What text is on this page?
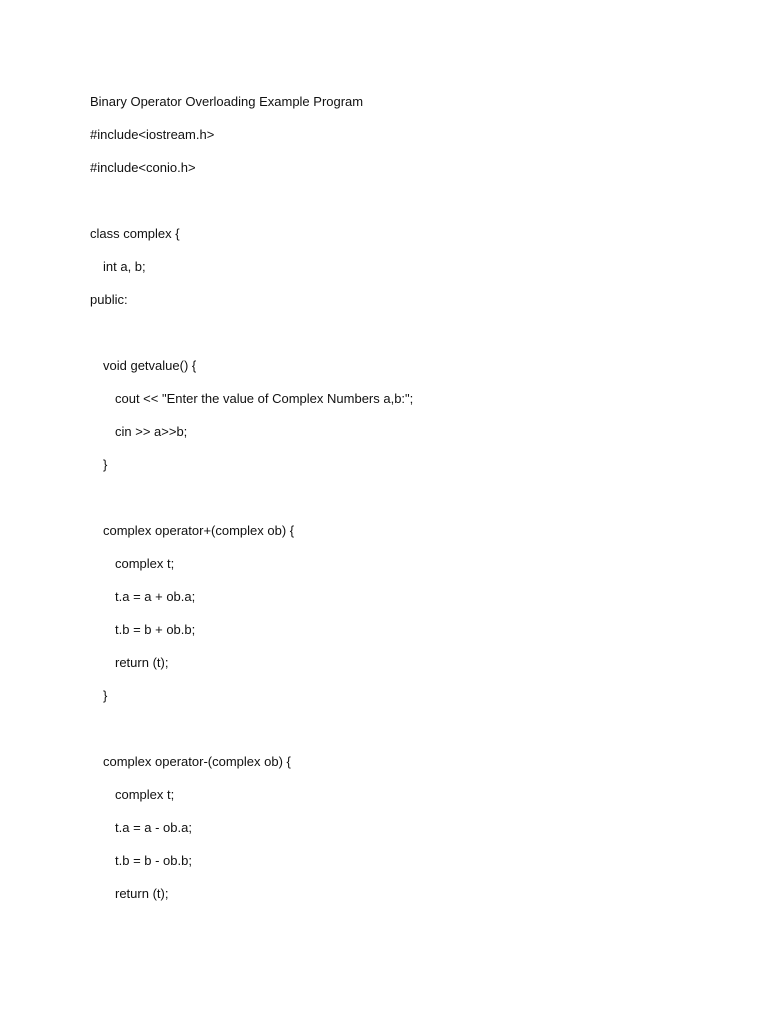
Binary Operator Overloading Example Program
#include<iostream.h>
#include<conio.h>
class complex {
int a, b;
public:
void getvalue() {
cout << "Enter the value of Complex Numbers a,b:";
cin >> a>>b;
}
complex operator+(complex ob) {
complex t;
t.a = a + ob.a;
t.b = b + ob.b;
return (t);
}
complex operator-(complex ob) {
complex t;
t.a = a - ob.a;
t.b = b - ob.b;
return (t);
